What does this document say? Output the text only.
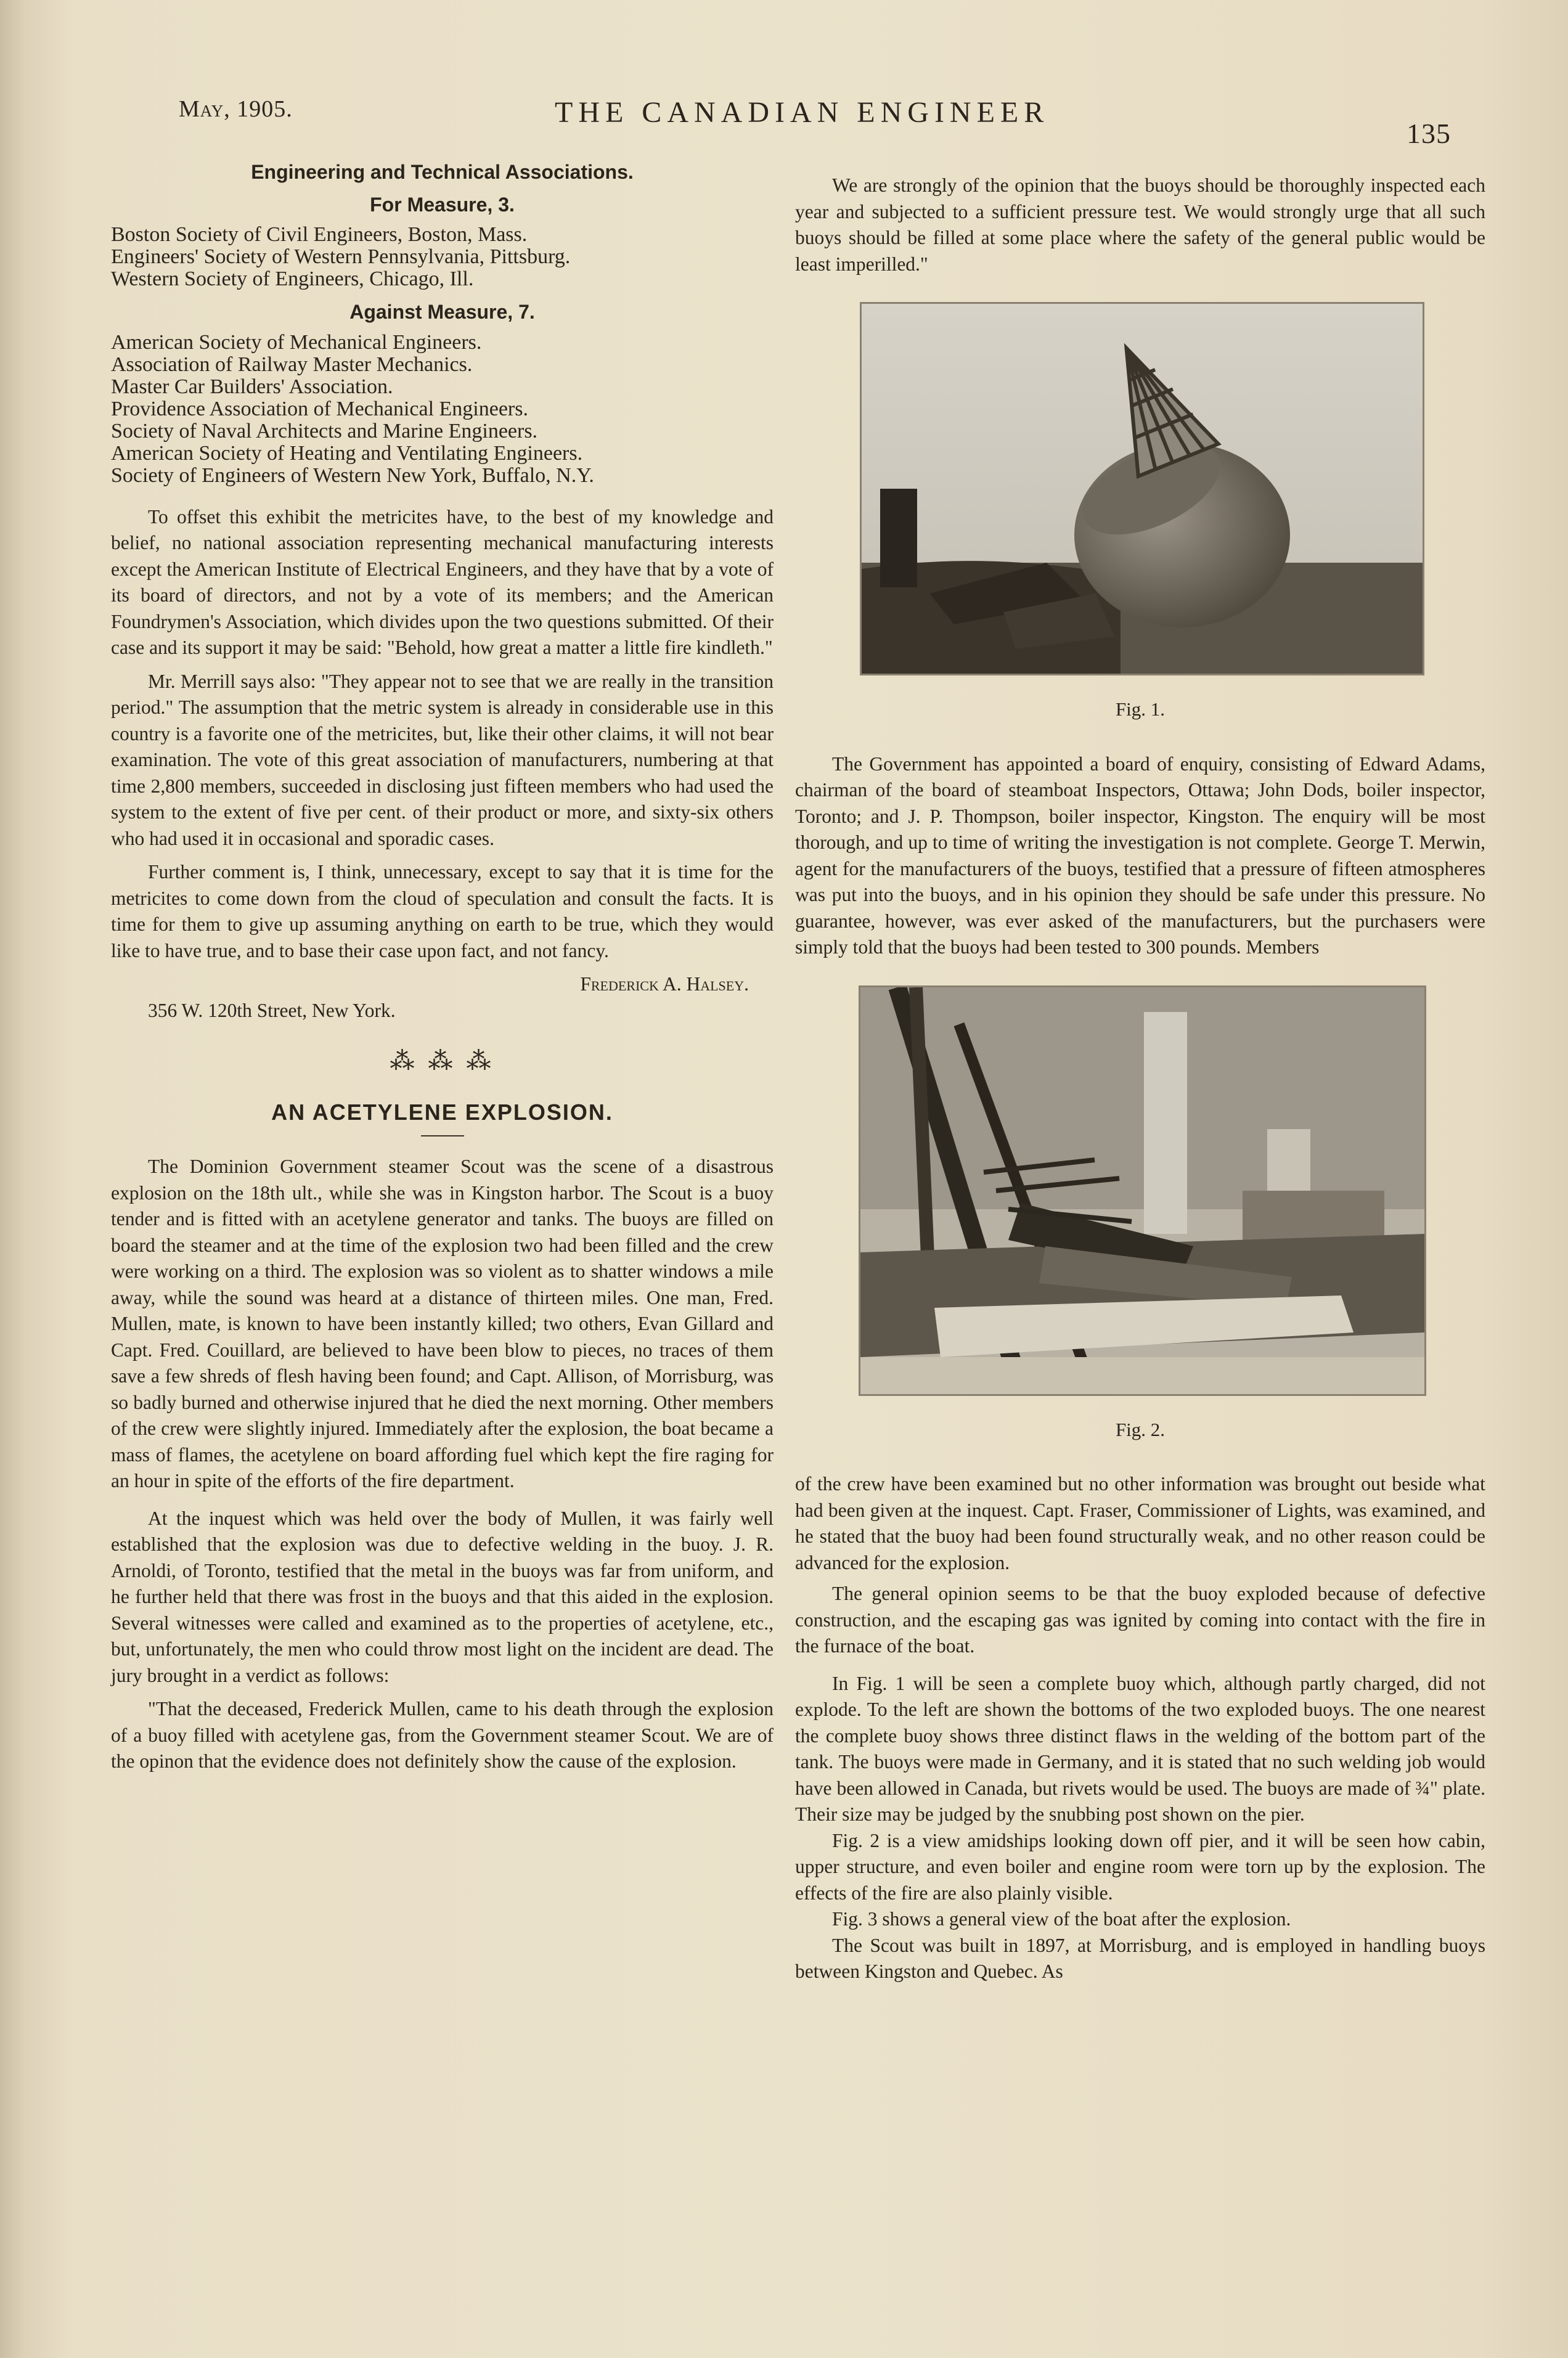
May, 1905.	THE CANADIAN ENGINEER
135
Engineering and Technical Associations.
For Measure, 3.
Boston Society of Civil Engineers, Boston, Mass.
Engineers' Society of Western Pennsylvania, Pittsburg.
Western Society of Engineers, Chicago, Ill.
Against Measure, 7.
American Society of Mechanical Engineers.
Association of Railway Master Mechanics.
Master Car Builders' Association.
Providence Association of Mechanical Engineers.
Society of Naval Architects and Marine Engineers.
American Society of Heating and Ventilating Engineers.
Society of Engineers of Western New York, Buffalo, N.Y.

To offset this exhibit the metricites have, to the best of my knowledge and belief, no national association representing mechanical manufacturing interests except the American Institute of Electrical Engineers, and they have that by a vote of its board of directors, and not by a vote of its members; and the American Foundrymen's Association, which divides upon the two questions submitted. Of their case and its support it may be said: "Behold, how great a matter a little fire kindleth."

Mr. Merrill says also: "They appear not to see that we are really in the transition period." The assumption that the metric system is already in considerable use in this country is a favorite one of the metricites, but, like their other claims, it will not bear examination. The vote of this great association of manufacturers, numbering at that time 2,800 members, succeeded in disclosing just fifteen members who had used the system to the extent of five per cent. of their product or more, and sixty-six others who had used it in occasional and sporadic cases.

Further comment is, I think, unnecessary, except to say that it is time for the metricites to come down from the cloud of speculation and consult the facts. It is time for them to give up assuming anything on earth to be true, which they would like to have true, and to base their case upon fact, and not fancy.

Frederick A. Halsey.
356 W. 120th Street, New York.
⁂ ⁂ ⁂
AN ACETYLENE EXPLOSION.

The Dominion Government steamer Scout was the scene of a disastrous explosion on the 18th ult., while she was in Kingston harbor. The Scout is a buoy tender and is fitted with an acetylene generator and tanks. The buoys are filled on board the steamer and at the time of the explosion two had been filled and the crew were working on a third. The explosion was so violent as to shatter windows a mile away, while the sound was heard at a distance of thirteen miles. One man, Fred. Mullen, mate, is known to have been instantly killed; two others, Evan Gillard and Capt. Fred. Couillard, are believed to have been blow to pieces, no traces of them save a few shreds of flesh having been found; and Capt. Allison, of Morrisburg, was so badly burned and otherwise injured that he died the next morning. Other members of the crew were slightly injured. Immediately after the explosion, the boat became a mass of flames, the acetylene on board affording fuel which kept the fire raging for an hour in spite of the efforts of the fire department.

At the inquest which was held over the body of Mullen, it was fairly well established that the explosion was due to defective welding in the buoy. J. R. Arnoldi, of Toronto, testified that the metal in the buoys was far from uniform, and he further held that there was frost in the buoys and that this aided in the explosion. Several witnesses were called and examined as to the properties of acetylene, etc., but, unfortunately, the men who could throw most light on the incident are dead. The jury brought in a verdict as follows:

"That the deceased, Frederick Mullen, came to his death through the explosion of a buoy filled with acetylene gas, from the Government steamer Scout. We are of the opinon that the evidence does not definitely show the cause of the explosion.

We are strongly of the opinion that the buoys should be thoroughly inspected each year and subjected to a sufficient pressure test. We would strongly urge that all such buoys should be filled at some place where the safety of the general public would be least imperilled."

Fig. 1.

The Government has appointed a board of enquiry, consisting of Edward Adams, chairman of the board of steamboat Inspectors, Ottawa; John Dods, boiler inspector, Toronto; and J. P. Thompson, boiler inspector, Kingston. The enquiry will be most thorough, and up to time of writing the investigation is not complete. George T. Merwin, agent for the manufacturers of the buoys, testified that a pressure of fifteen atmospheres was put into the buoys, and in his opinion they should be safe under this pressure. No guarantee, however, was ever asked of the manufacturers, but the purchasers were simply told that the buoys had been tested to 300 pounds. Members

Fig. 2.

of the crew have been examined but no other information was brought out beside what had been given at the inquest. Capt. Fraser, Commissioner of Lights, was examined, and he stated that the buoy had been found structurally weak, and no other reason could be advanced for the explosion.

The general opinion seems to be that the buoy exploded because of defective construction, and the escaping gas was ignited by coming into contact with the fire in the furnace of the boat.

In Fig. 1 will be seen a complete buoy which, although partly charged, did not explode. To the left are shown the bottoms of the two exploded buoys. The one nearest the complete buoy shows three distinct flaws in the welding of the bottom part of the tank. The buoys were made in Germany, and it is stated that no such welding job would have been allowed in Canada, but rivets would be used. The buoys are made of ¾" plate. Their size may be judged by the snubbing post shown on the pier.

Fig. 2 is a view amidships looking down off pier, and it will be seen how cabin, upper structure, and even boiler and engine room were torn up by the explosion. The effects of the fire are also plainly visible.

Fig. 3 shows a general view of the boat after the explosion.

The Scout was built in 1897, at Morrisburg, and is employed in handling buoys between Kingston and Quebec. As
